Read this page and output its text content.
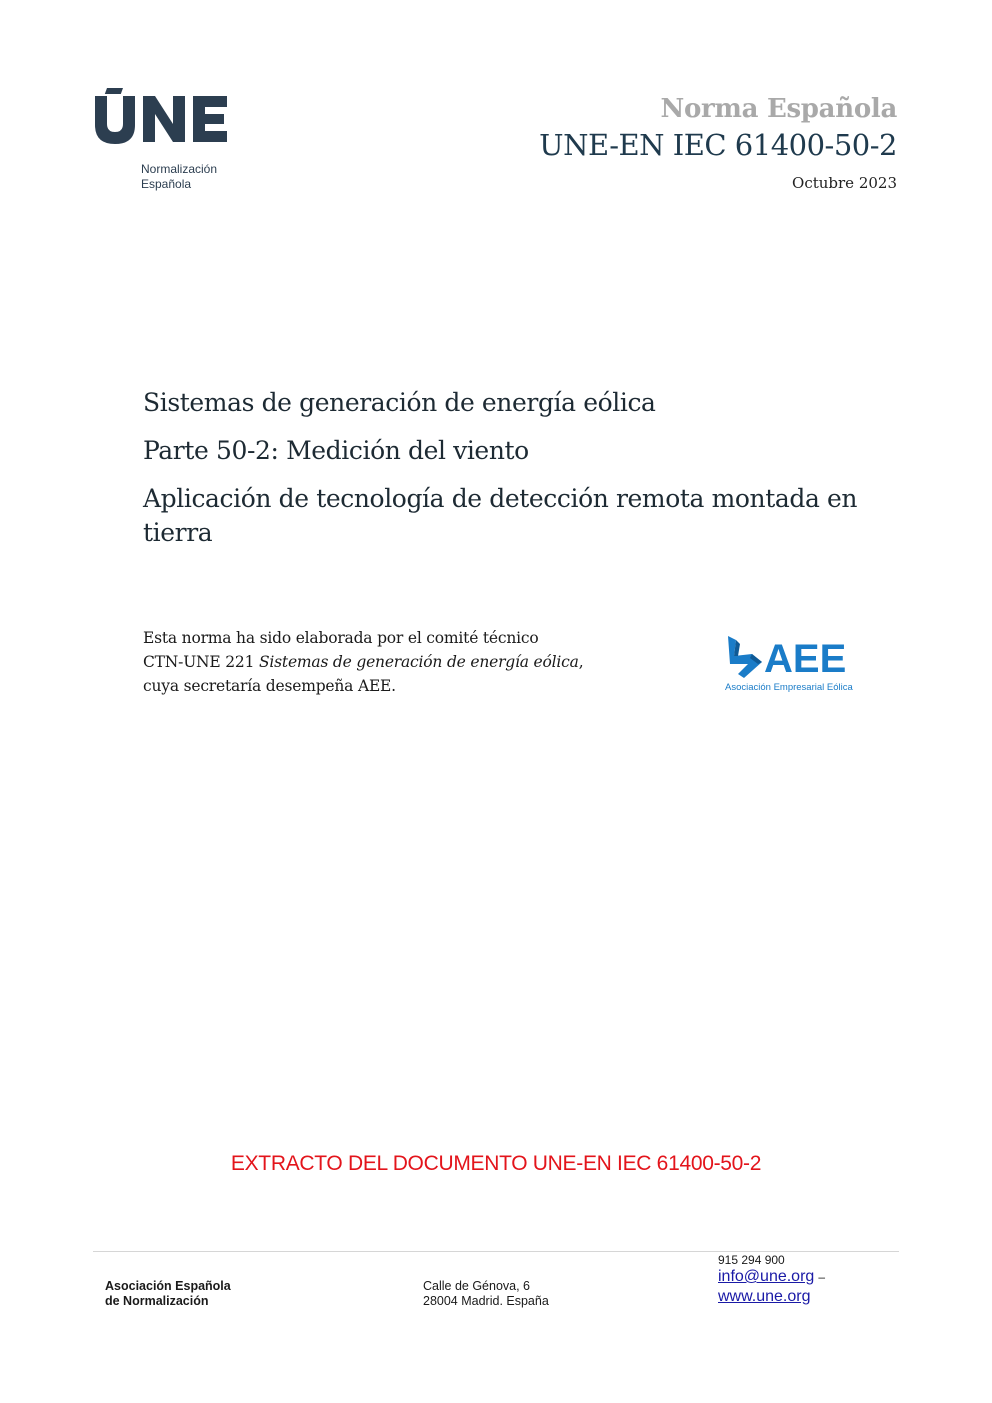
Normalización
Española
Norma Española
UNE-EN IEC 61400-50-2
Octubre 2023
Sistemas de generación de energía eólica
Parte 50-2: Medición del viento
Aplicación de tecnología de detección remota montada en tierra
Esta norma ha sido elaborada por el comité técnico
CTN-UNE 221 Sistemas de generación de energía eólica,
cuya secretaría desempeña AEE.
AEE
Asociación Empresarial Eólica
EXTRACTO DEL DOCUMENTO UNE-EN IEC 61400-50-2
Asociación Española
de Normalización
Calle de Génova, 6
28004 Madrid. España
915 294 900
info@une.org –
www.une.org
